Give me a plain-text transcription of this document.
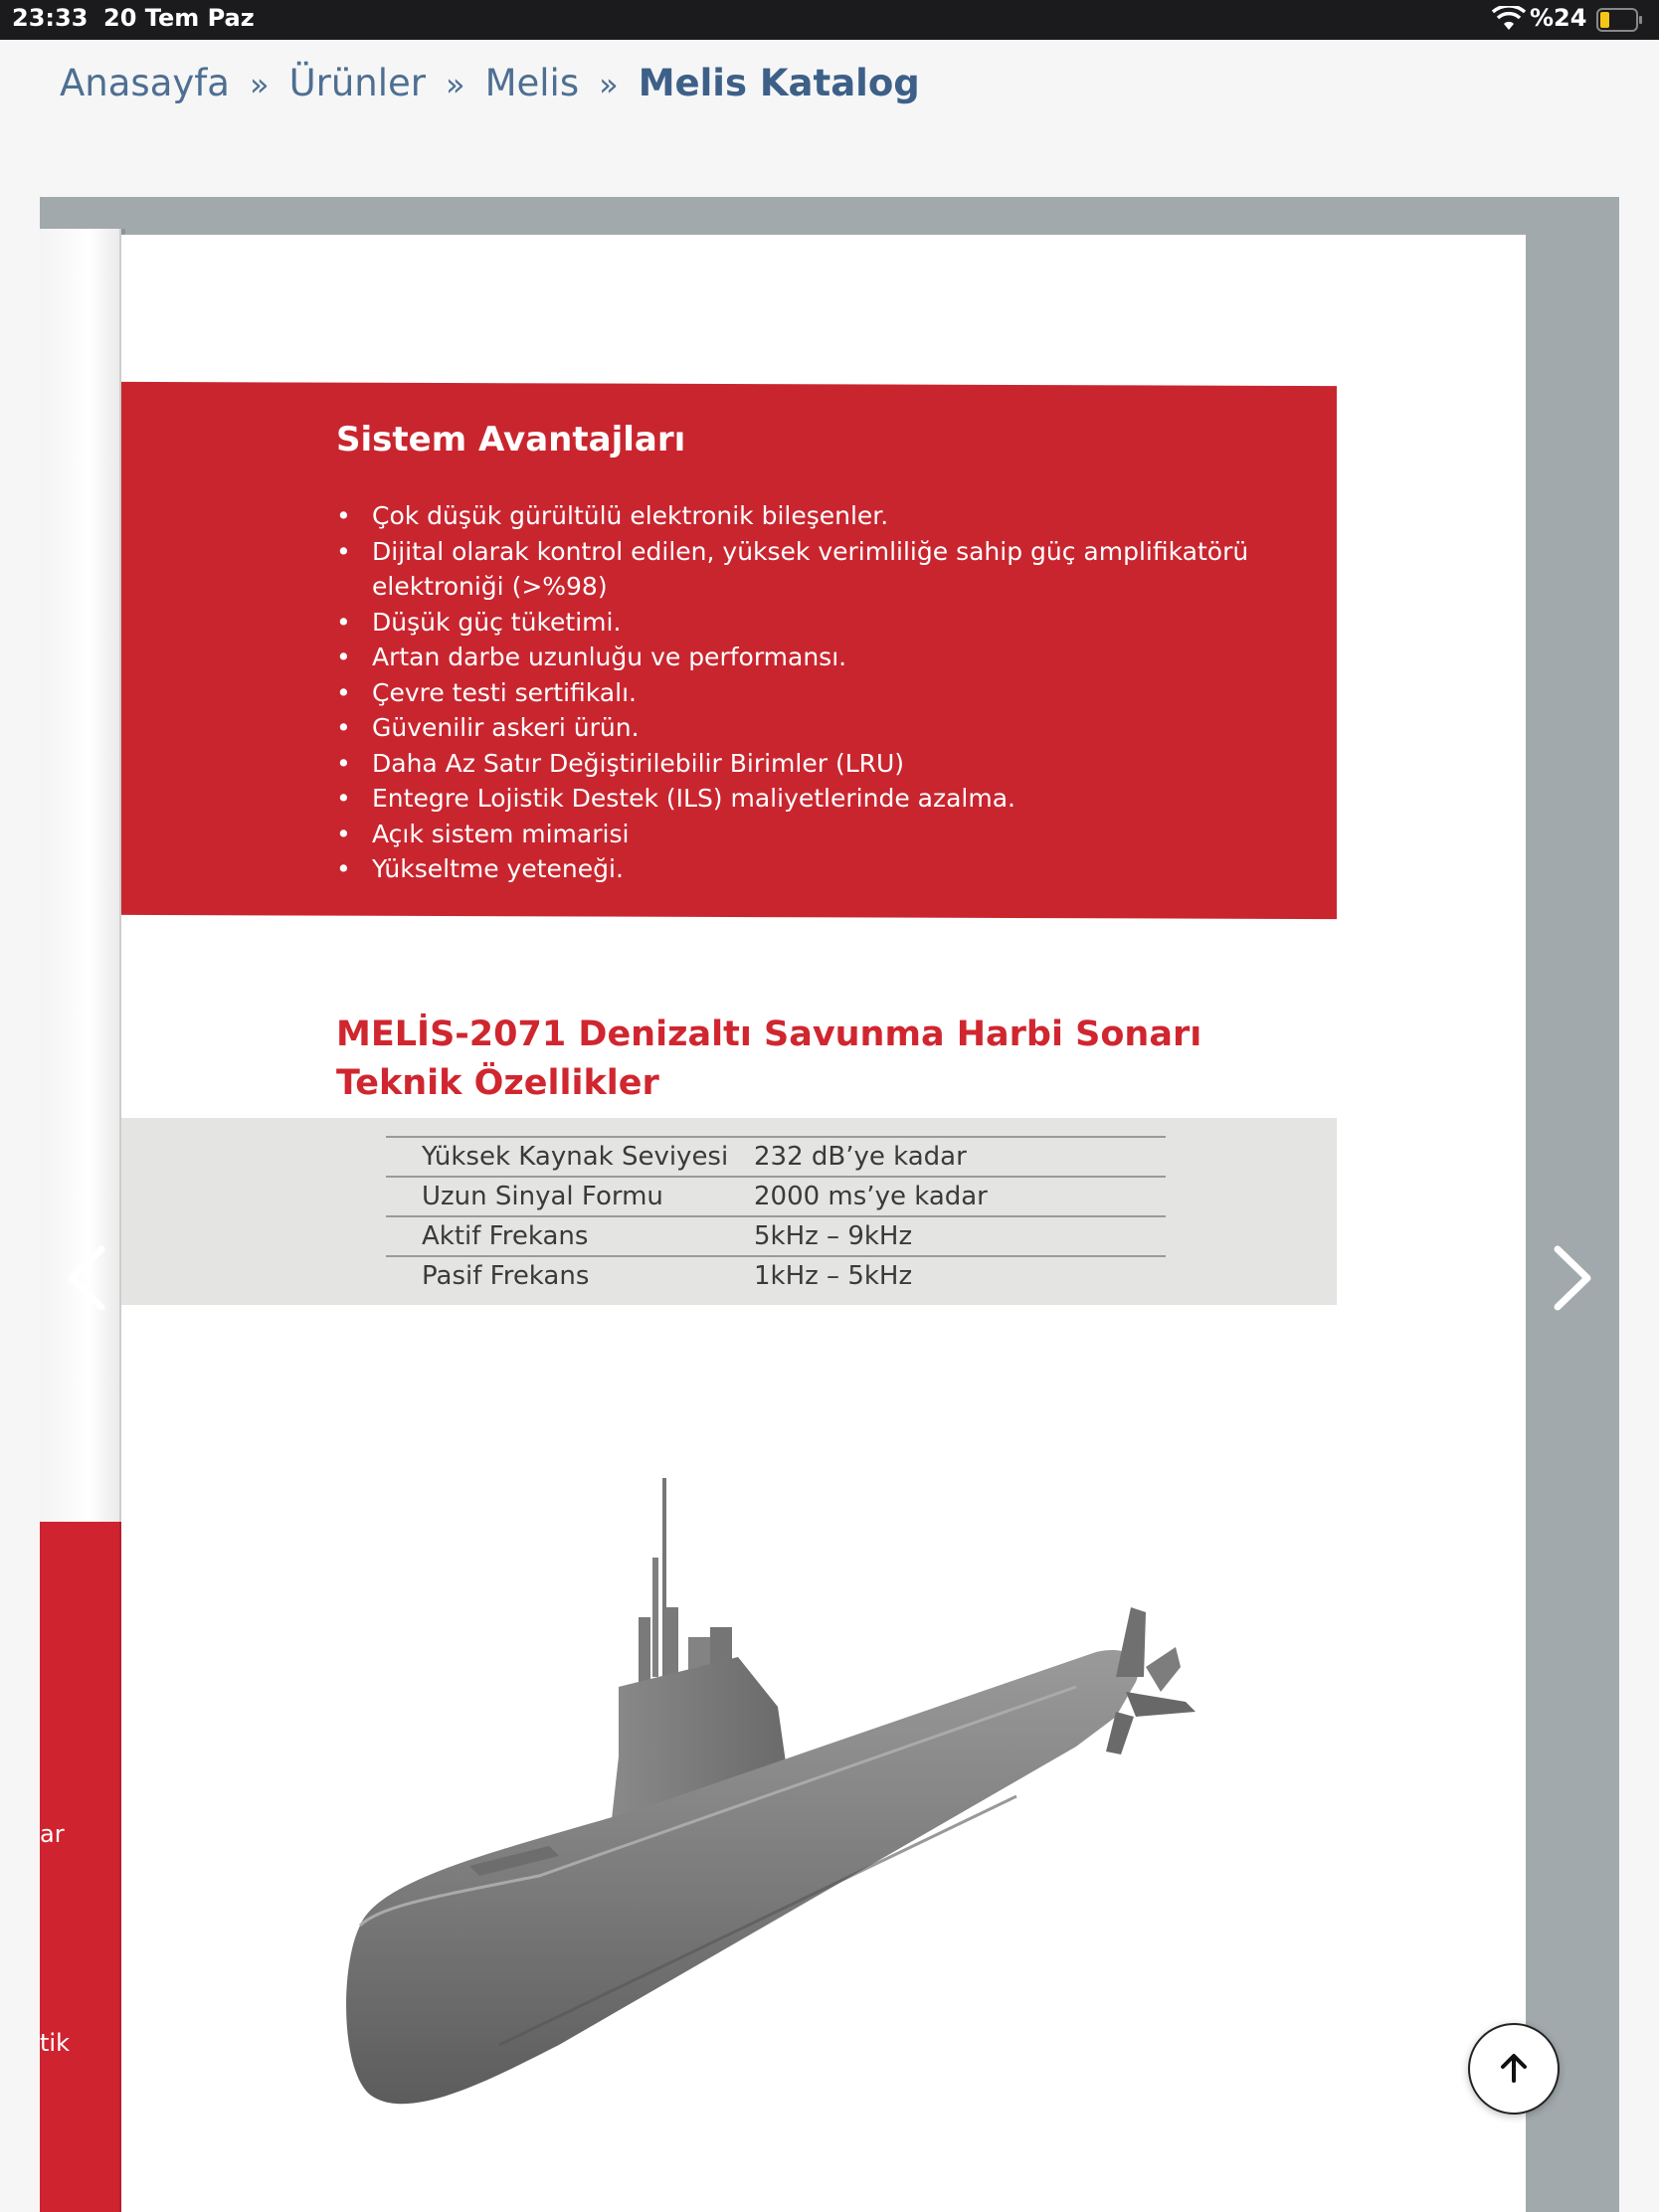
23:33 20 Tem Paz	%24
Anasayfa » Ürünler » Melis » Melis Katalog
ar
tik
Sistem Avantajları
• Çok düşük gürültülü elektronik bileşenler.
• Dijital olarak kontrol edilen, yüksek verimliliğe sahip güç amplifikatörü elektroniği (>%98)
• Düşük güç tüketimi.
• Artan darbe uzunluğu ve performansı.
• Çevre testi sertifikalı.
• Güvenilir askeri ürün.
• Daha Az Satır Değiştirilebilir Birimler (LRU)
• Entegre Lojistik Destek (ILS) maliyetlerinde azalma.
• Açık sistem mimarisi
• Yükseltme yeteneği.
MELİS-2071 Denizaltı Savunma Harbi Sonarı
Teknik Özellikler
Yüksek Kaynak Seviyesi	232 dB’ye kadar
Uzun Sinyal Formu	2000 ms’ye kadar
Aktif Frekans	5kHz – 9kHz
Pasif Frekans	1kHz – 5kHz
